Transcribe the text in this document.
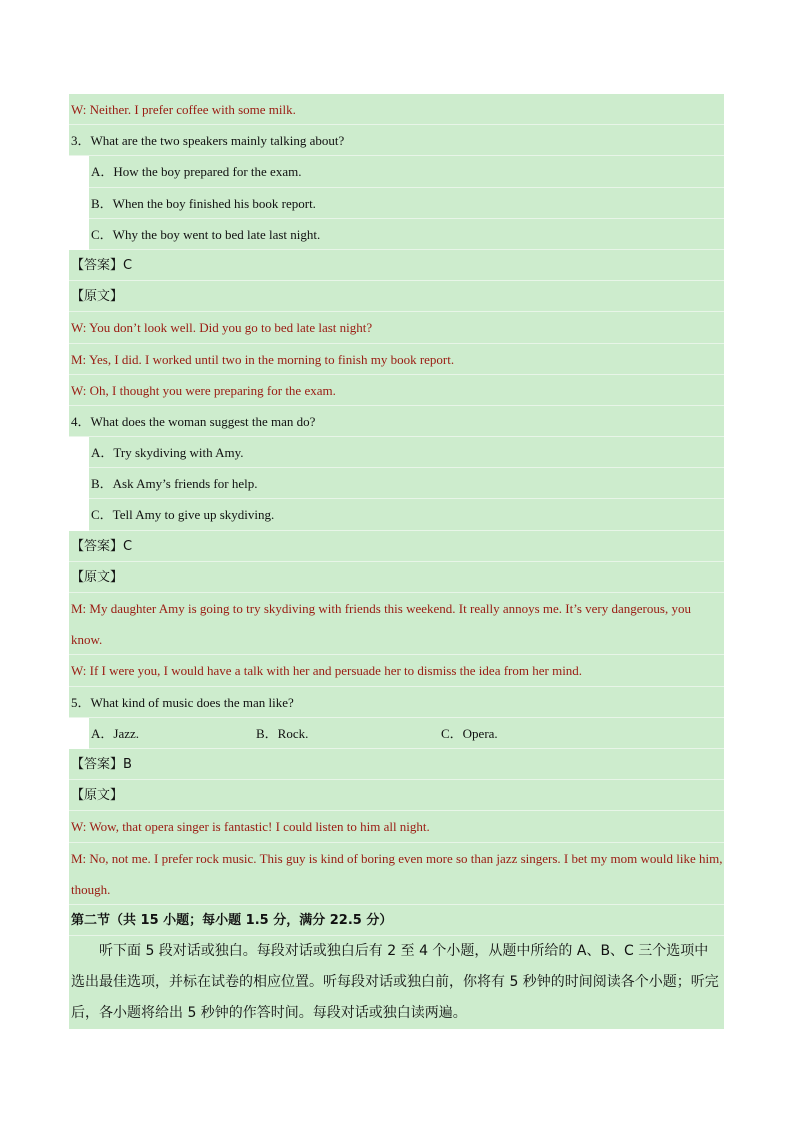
W: Neither. I prefer coffee with some milk.
3．What are the two speakers mainly talking about?
A．How the boy prepared for the exam.
B．When the boy finished his book report.
C．Why the boy went to bed late last night.
【答案】C
【原文】
W: You don’t look well. Did you go to bed late last night?
M: Yes, I did. I worked until two in the morning to finish my book report.
W: Oh, I thought you were preparing for the exam.
4．What does the woman suggest the man do?
A．Try skydiving with Amy.
B．Ask Amy’s friends for help.
C．Tell Amy to give up skydiving.
【答案】C
【原文】
M: My daughter Amy is going to try skydiving with friends this weekend. It really annoys me. It’s very dangerous, you know.
W: If I were you, I would have a talk with her and persuade her to dismiss the idea from her mind.
5．What kind of music does the man like?
A．Jazz.	B．Rock.	C．Opera.
【答案】B
【原文】
W: Wow, that opera singer is fantastic! I could listen to him all night.
M: No, not me. I prefer rock music. This guy is kind of boring even more so than jazz singers. I bet my mom would like him, though.
第二节（共 15 小题；每小题 1.5 分，满分 22.5 分）
听下面 5 段对话或独白。每段对话或独白后有 2 至 4 个小题，从题中所给的 A、B、C 三个选项中选出最佳选项，并标在试卷的相应位置。听每段对话或独白前，你将有 5 秒钟的时间阅读各个小题；听完后，各小题将给出 5 秒钟的作答时间。每段对话或独白读两遍。
